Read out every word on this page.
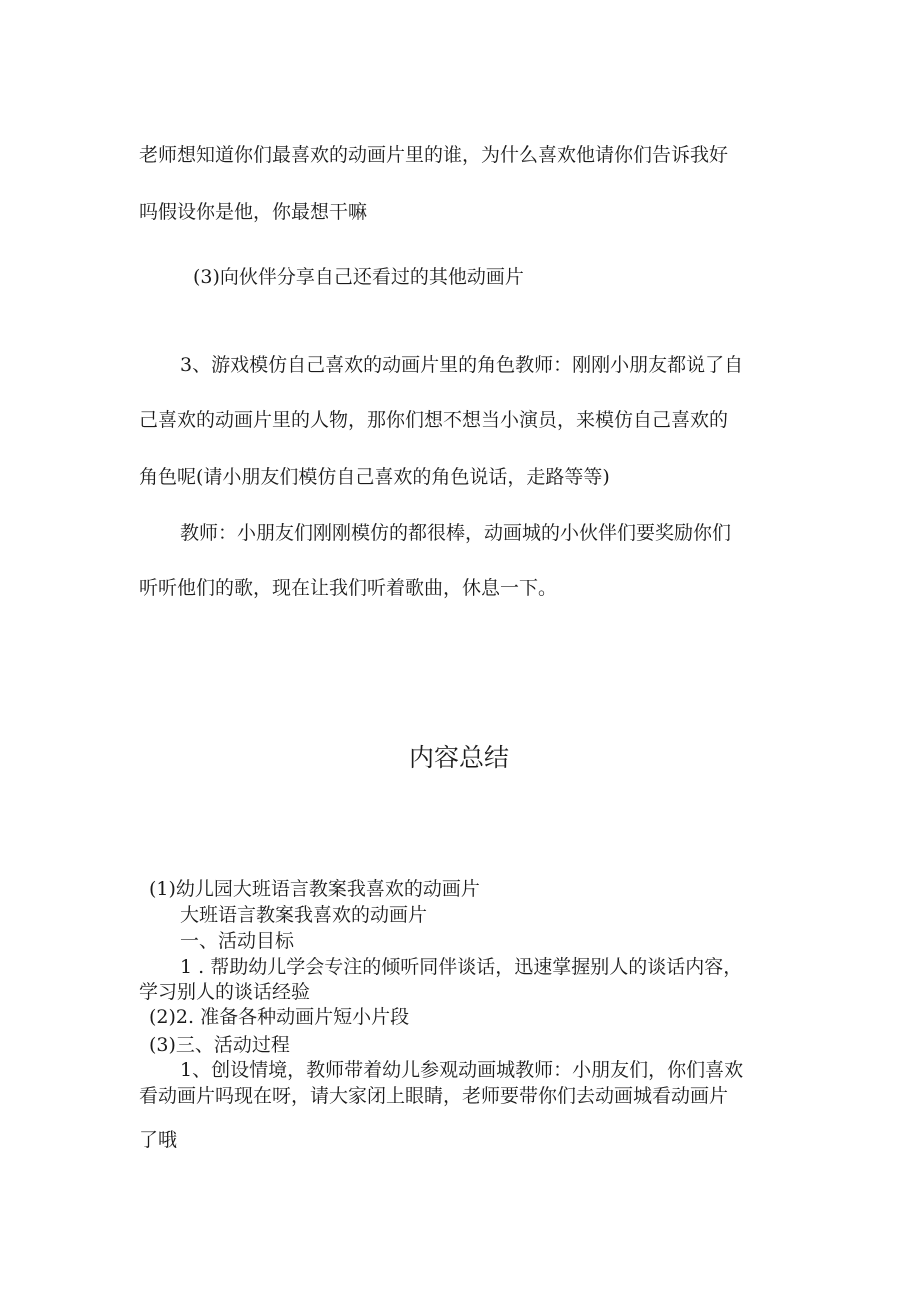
老师想知道你们最喜欢的动画片里的谁，为什么喜欢他请你们告诉我好
吗假设你是他，你最想干嘛
(3)向伙伴分享自己还看过的其他动画片
3、游戏模仿自己喜欢的动画片里的角色教师：刚刚小朋友都说了自
己喜欢的动画片里的人物，那你们想不想当小演员，来模仿自己喜欢的
角色呢(请小朋友们模仿自己喜欢的角色说话，走路等等)
教师：小朋友们刚刚模仿的都很棒，动画城的小伙伴们要奖励你们
听听他们的歌，现在让我们听着歌曲，休息一下。
内容总结
(1)幼儿园大班语言教案我喜欢的动画片
大班语言教案我喜欢的动画片
一、活动目标
1 . 帮助幼儿学会专注的倾听同伴谈话，迅速掌握别人的谈话内容，
学习别人的谈话经验
(2)2. 准备各种动画片短小片段
(3)三、活动过程
1、创设情境，教师带着幼儿参观动画城教师：小朋友们，你们喜欢
看动画片吗现在呀，请大家闭上眼睛，老师要带你们去动画城看动画片
了哦
